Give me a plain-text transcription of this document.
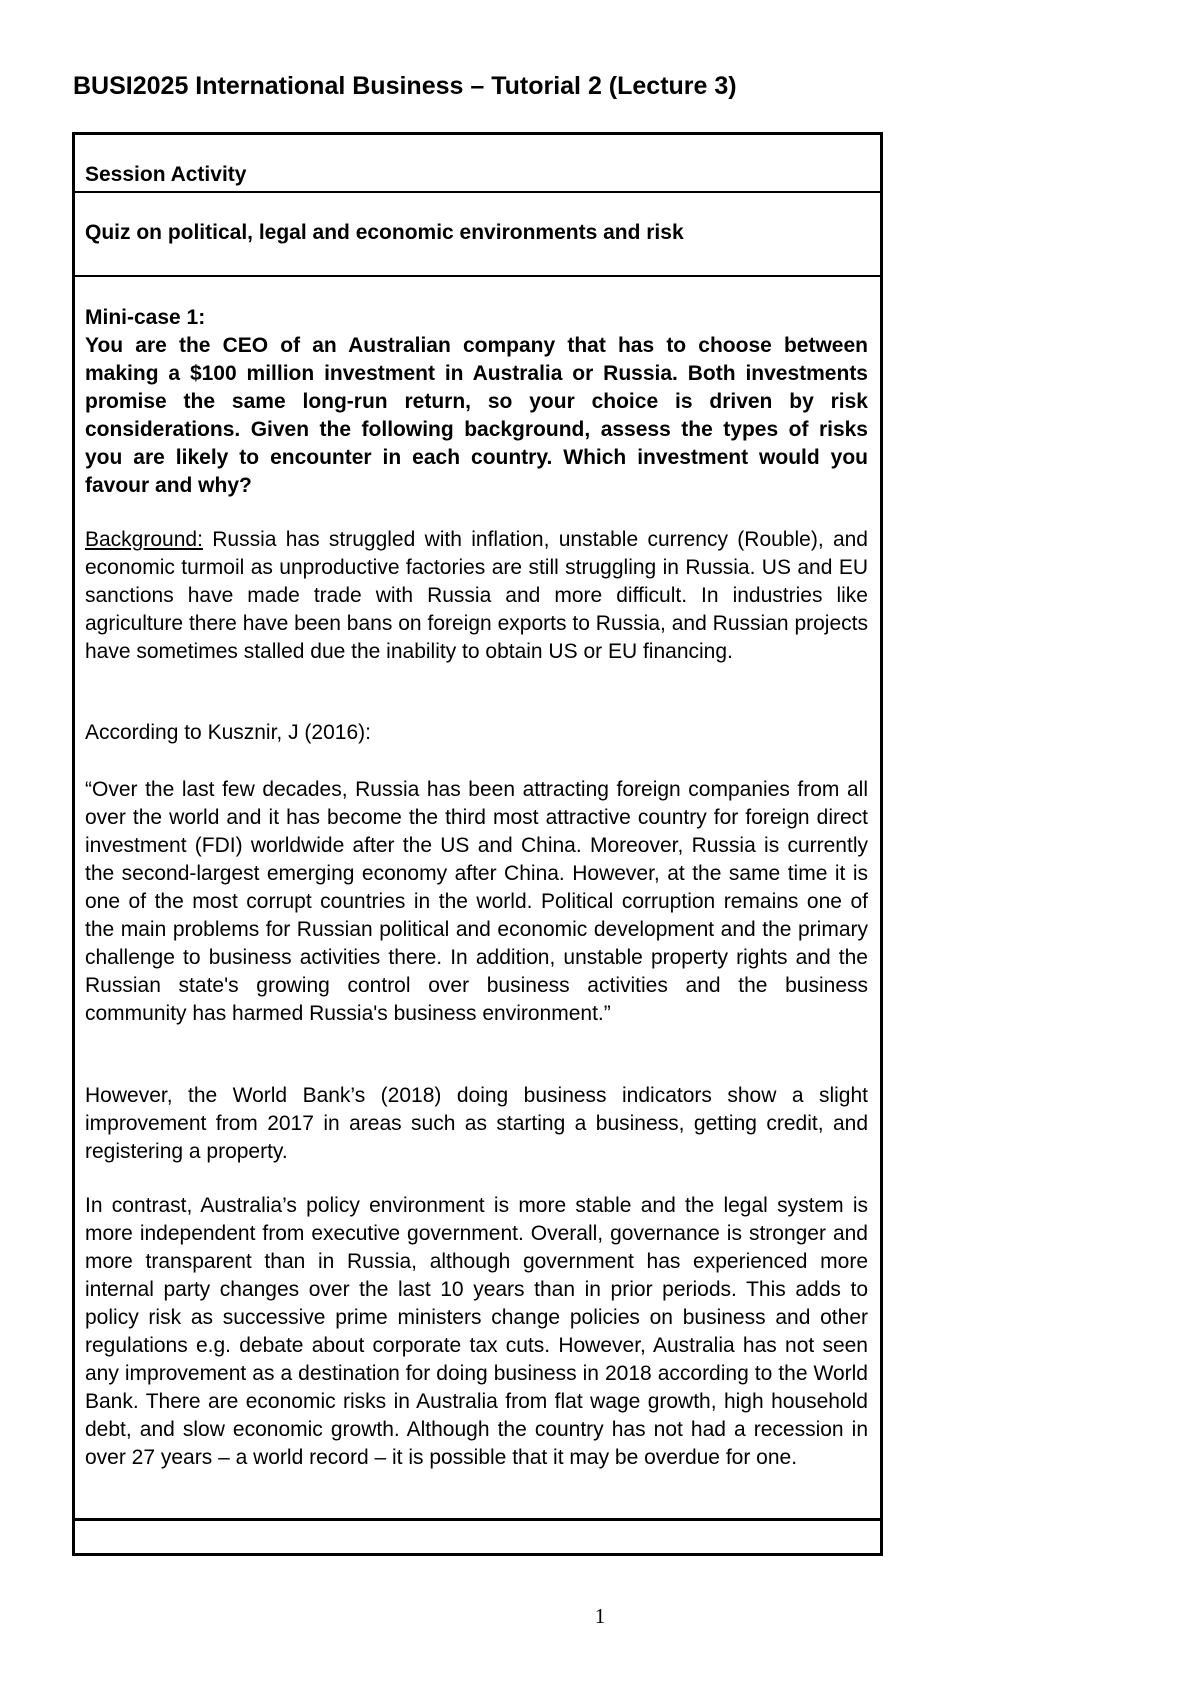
BUSI2025 International Business – Tutorial 2 (Lecture 3)
Session Activity
Quiz on political, legal and economic environments and risk
Mini-case 1:

You are the CEO of an Australian company that has to choose between making a $100 million investment in Australia or Russia. Both investments promise the same long-run return, so your choice is driven by risk considerations. Given the following background, assess the types of risks you are likely to encounter in each country. Which investment would you favour and why?

Background: Russia has struggled with inflation, unstable currency (Rouble), and economic turmoil as unproductive factories are still struggling in Russia. US and EU sanctions have made trade with Russia and more difficult. In industries like agriculture there have been bans on foreign exports to Russia, and Russian projects have sometimes stalled due the inability to obtain US or EU financing.

According to Kusznir, J (2016):

“Over the last few decades, Russia has been attracting foreign companies from all over the world and it has become the third most attractive country for foreign direct investment (FDI) worldwide after the US and China. Moreover, Russia is currently the second-largest emerging economy after China. However, at the same time it is one of the most corrupt countries in the world. Political corruption remains one of the main problems for Russian political and economic development and the primary challenge to business activities there. In addition, unstable property rights and the Russian state's growing control over business activities and the business community has harmed Russia's business environment.”

However, the World Bank’s (2018) doing business indicators show a slight improvement from 2017 in areas such as starting a business, getting credit, and registering a property.

In contrast, Australia’s policy environment is more stable and the legal system is more independent from executive government. Overall, governance is stronger and more transparent than in Russia, although government has experienced more internal party changes over the last 10 years than in prior periods. This adds to policy risk as successive prime ministers change policies on business and other regulations e.g. debate about corporate tax cuts. However, Australia has not seen any improvement as a destination for doing business in 2018 according to the World Bank. There are economic risks in Australia from flat wage growth, high household debt, and slow economic growth. Although the country has not had a recession in over 27 years – a world record – it is possible that it may be overdue for one.

1
